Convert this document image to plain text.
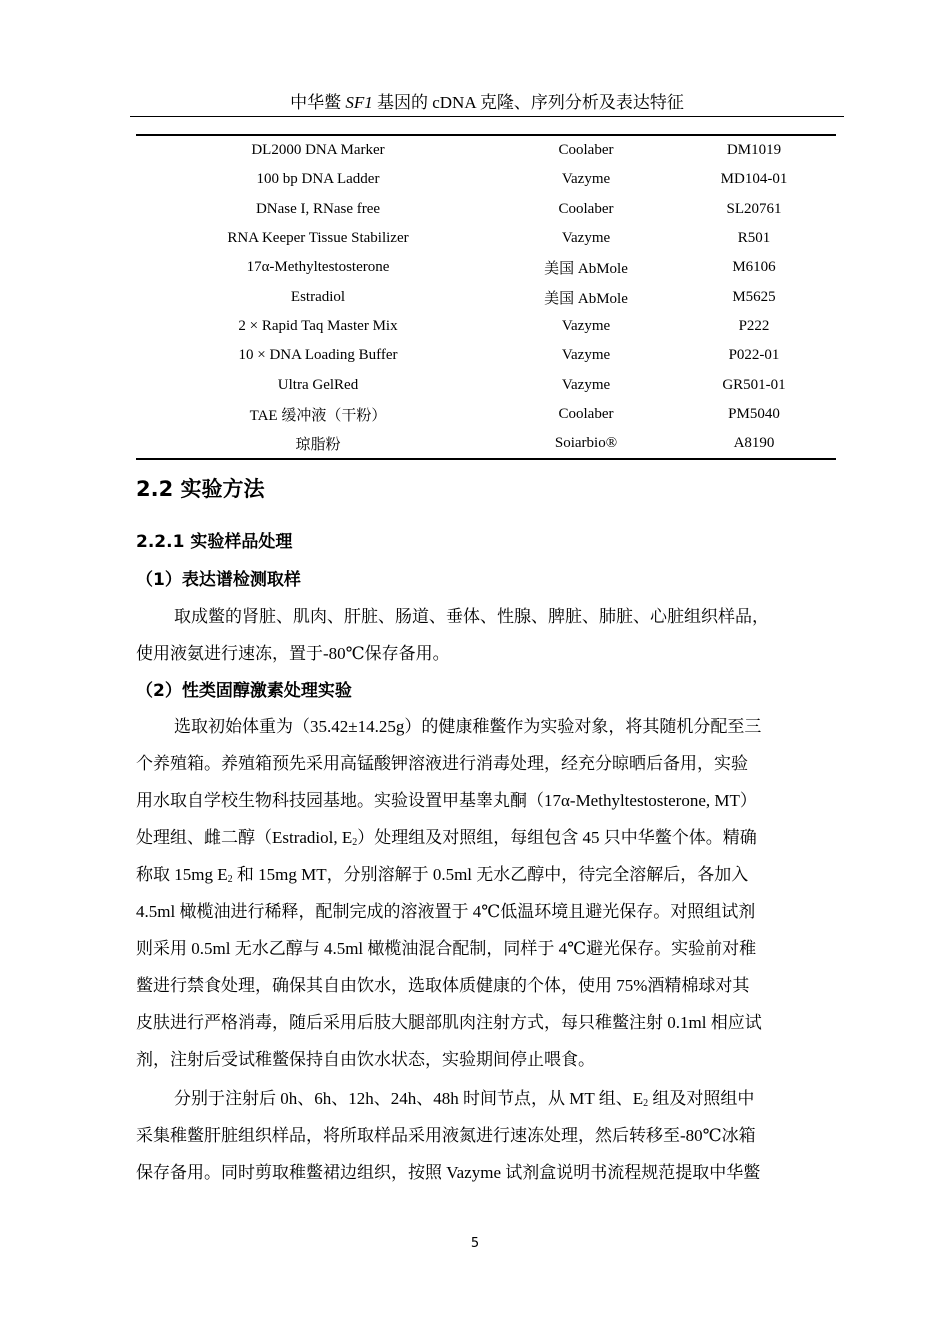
中华鳖 SF1 基因的 cDNA 克隆、序列分析及表达特征

DL2000 DNA Marker	Coolaber	DM1019
100 bp DNA Ladder	Vazyme	MD104-01
DNase I, RNase free	Coolaber	SL20761
RNA Keeper Tissue Stabilizer	Vazyme	R501
17α-Methyltestosterone	美国 AbMole	M6106
Estradiol	美国 AbMole	M5625
2 × Rapid Taq Master Mix	Vazyme	P222
10 × DNA Loading Buffer	Vazyme	P022-01
Ultra GelRed	Vazyme	GR501-01
TAE 缓冲液（干粉）	Coolaber	PM5040
琼脂粉	Soiarbio®	A8190

2.2 实验方法
2.2.1 实验样品处理
（1）表达谱检测取样
取成鳖的肾脏、肌肉、肝脏、肠道、垂体、性腺、脾脏、肺脏、心脏组织样品，
使用液氨进行速冻，置于-80℃保存备用。
（2）性类固醇激素处理实验
选取初始体重为（35.42±14.25g）的健康稚鳖作为实验对象，将其随机分配至三
个养殖箱。养殖箱预先采用高锰酸钾溶液进行消毒处理，经充分晾晒后备用，实验
用水取自学校生物科技园基地。实验设置甲基睾丸酮（17α-Methyltestosterone, MT）
处理组、雌二醇（Estradiol, $E_2$）处理组及对照组，每组包含 45 只中华鳖个体。精确
称取 15mg $E_2$ 和 15mg MT，分别溶解于 0.5ml 无水乙醇中，待完全溶解后，各加入
4.5ml 橄榄油进行稀释，配制完成的溶液置于 4℃低温环境且避光保存。对照组试剂
则采用 0.5ml 无水乙醇与 4.5ml 橄榄油混合配制，同样于 4℃避光保存。实验前对稚
鳖进行禁食处理，确保其自由饮水，选取体质健康的个体，使用 75%酒精棉球对其
皮肤进行严格消毒，随后采用后肢大腿部肌肉注射方式，每只稚鳖注射 0.1ml 相应试
剂，注射后受试稚鳖保持自由饮水状态，实验期间停止喂食。
分别于注射后 0h、6h、12h、24h、48h 时间节点，从 MT 组、$E_2$ 组及对照组中
采集稚鳖肝脏组织样品，将所取样品采用液氮进行速冻处理，然后转移至-80℃冰箱
保存备用。同时剪取稚鳖裙边组织，按照 Vazyme 试剂盒说明书流程规范提取中华鳖
5
